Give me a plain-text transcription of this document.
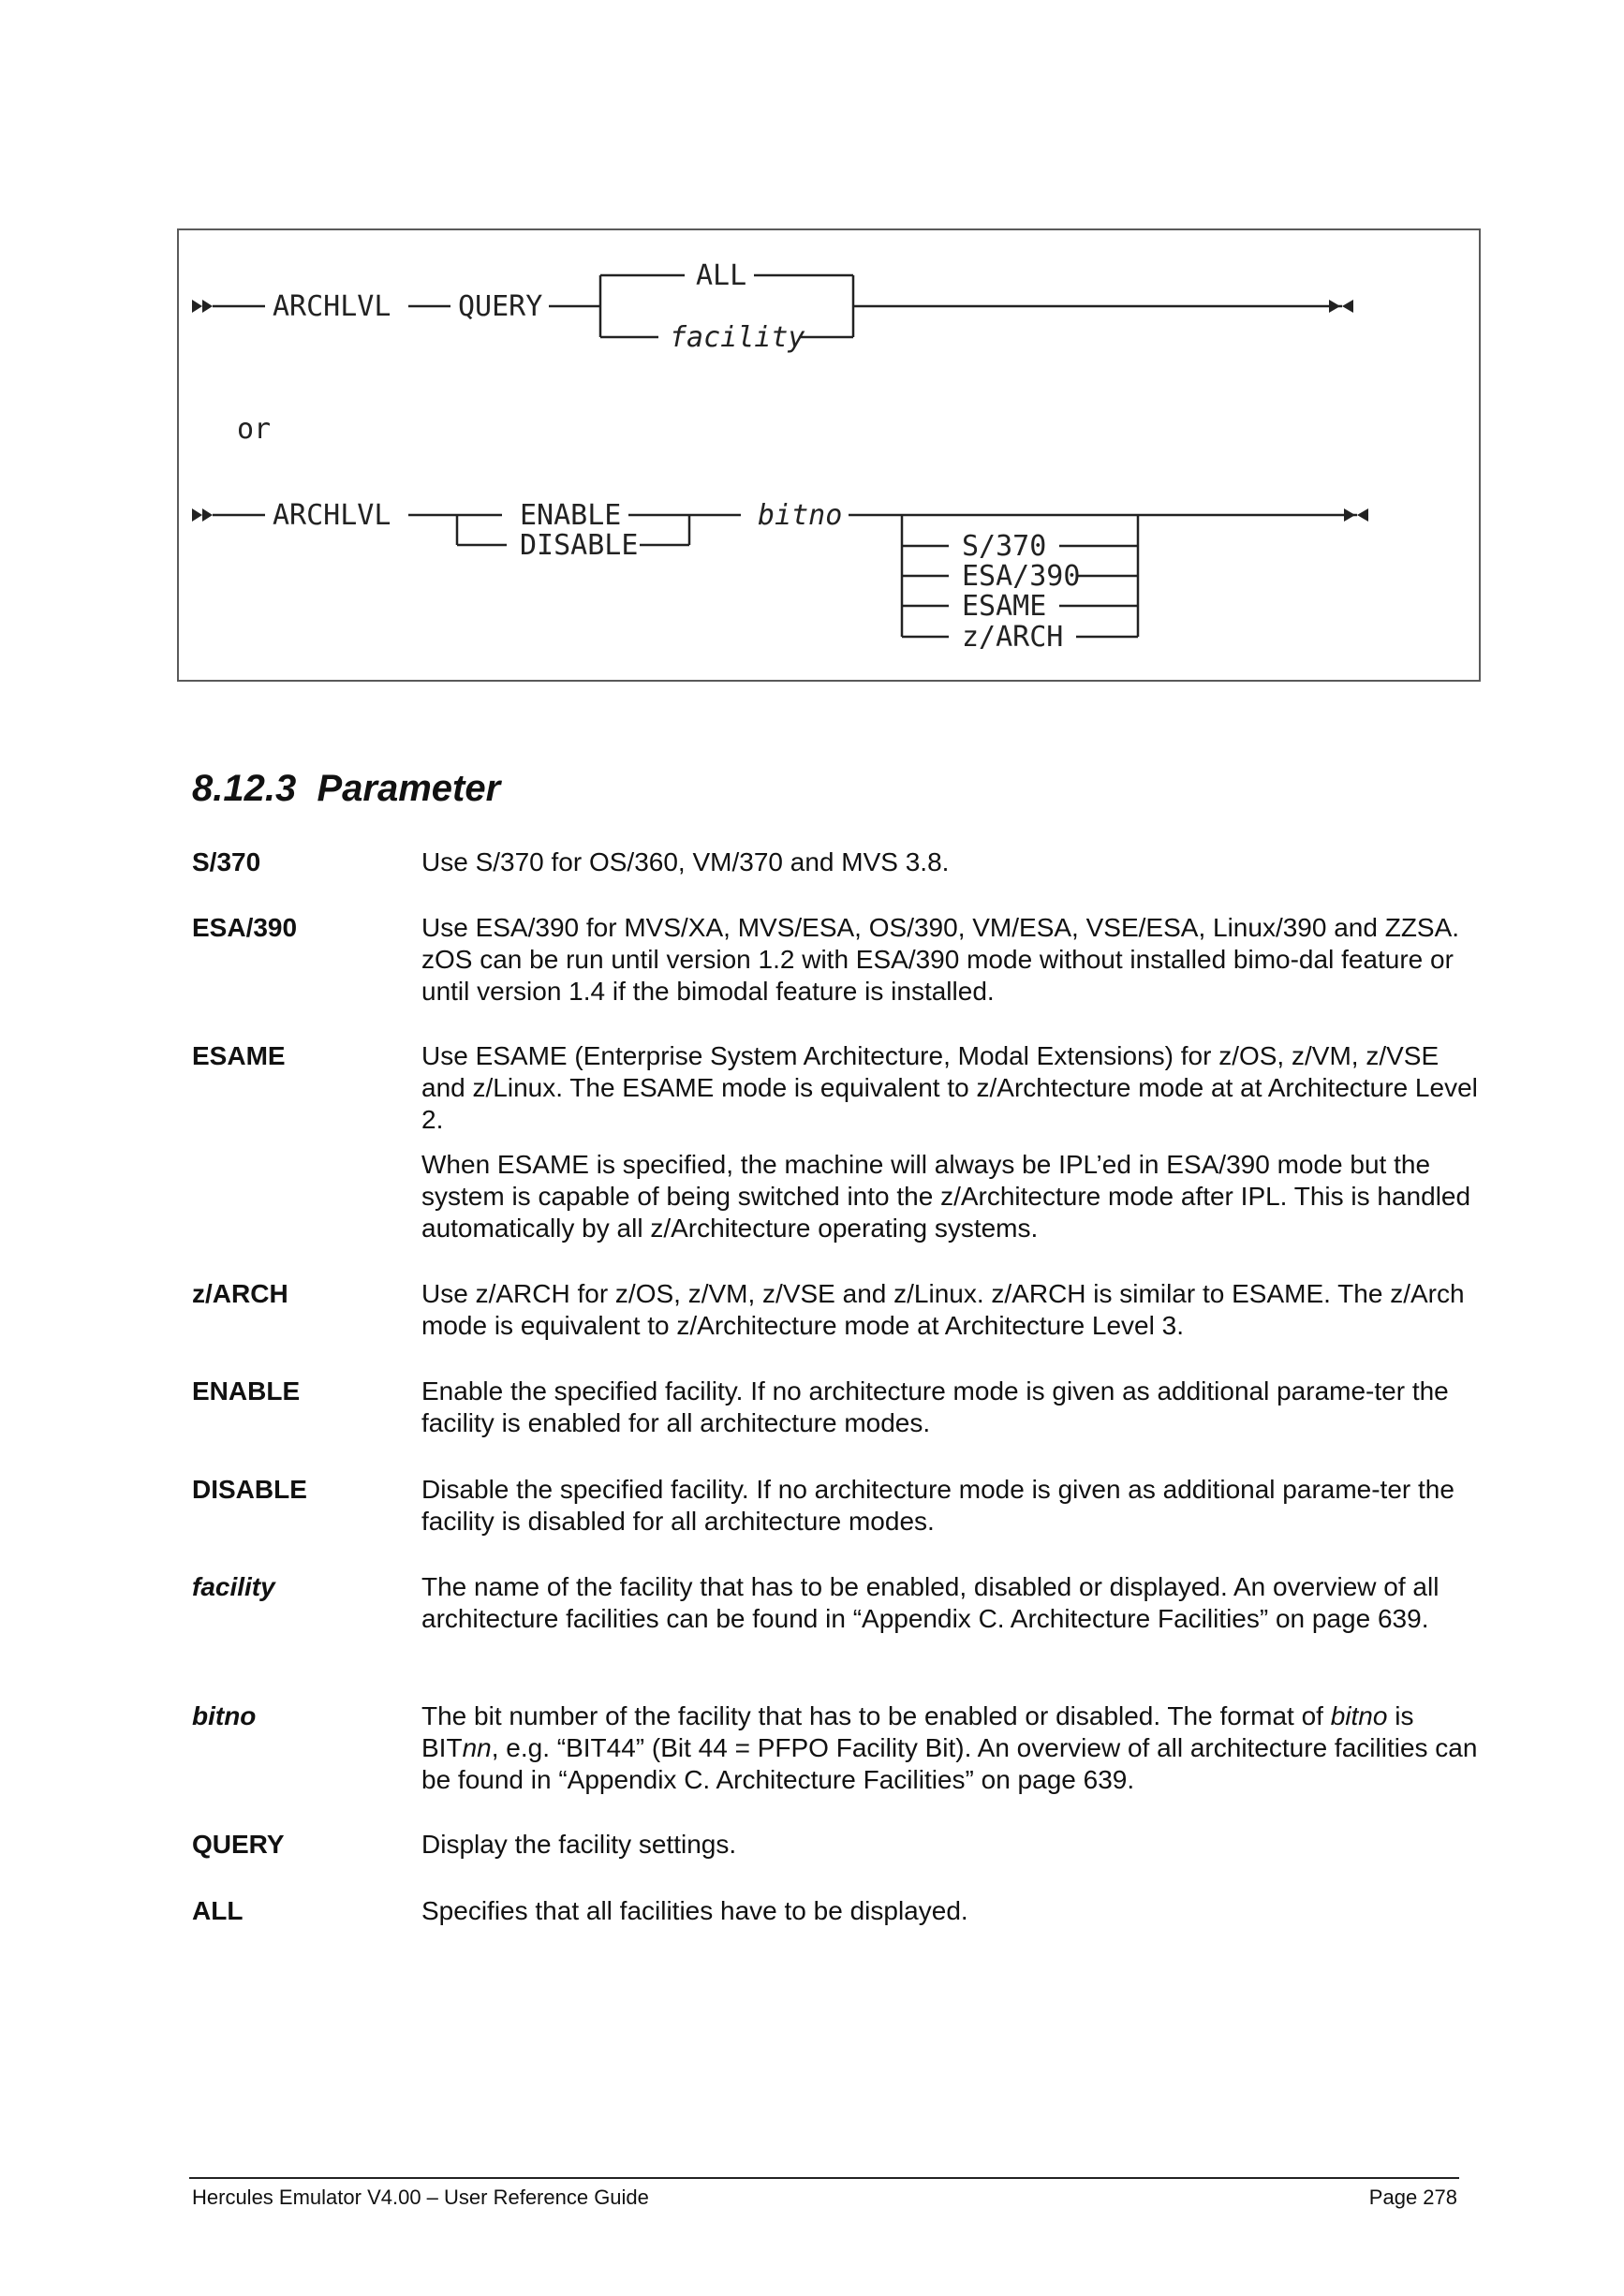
ARCHLVL QUERY
ALL
facility
or
ARCHLVL	ENABLE
DISABLE
bitno
S/370
ESA/390
ESAME
z/ARCH
8.12.3 Parameter
S/370	Use S/370 for OS/360, VM/370 and MVS 3.8.

ESA/390	Use ESA/390 for MVS/XA, MVS/ESA, OS/390, VM/ESA, VSE/ESA, Linux/390 and ZZSA. zOS can be run until version 1.2 with ESA/390 mode without installed bimo-dal feature or until version 1.4 if the bimodal feature is installed.

ESAME	Use ESAME (Enterprise System Architecture, Modal Extensions) for z/OS, z/VM, z/VSE and z/Linux. The ESAME mode is equivalent to z/Archtecture mode at at Architecture Level 2.

When ESAME is specified, the machine will always be IPL’ed in ESA/390 mode but the system is capable of being switched into the z/Architecture mode after IPL. This is handled automatically by all z/Architecture operating systems.

z/ARCH	Use z/ARCH for z/OS, z/VM, z/VSE and z/Linux. z/ARCH is similar to ESAME. The z/Arch mode is equivalent to z/Architecture mode at Architecture Level 3.

ENABLE	Enable the specified facility. If no architecture mode is given as additional parame-ter the facility is enabled for all architecture modes.

DISABLE	Disable the specified facility. If no architecture mode is given as additional parame-ter the facility is disabled for all architecture modes.

facility	The name of the facility that has to be enabled, disabled or displayed. An overview of all architecture facilities can be found in “Appendix C. Architecture Facilities” on page 639.

bitno	The bit number of the facility that has to be enabled or disabled. The format of bitno is BITnn, e.g. “BIT44” (Bit 44 = PFPO Facility Bit). An overview of all architecture facilities can be found in “Appendix C. Architecture Facilities” on page 639.

QUERY	Display the facility settings.

ALL	Specifies that all facilities have to be displayed.

Hercules Emulator V4.00 – User Reference Guide	Page 278
